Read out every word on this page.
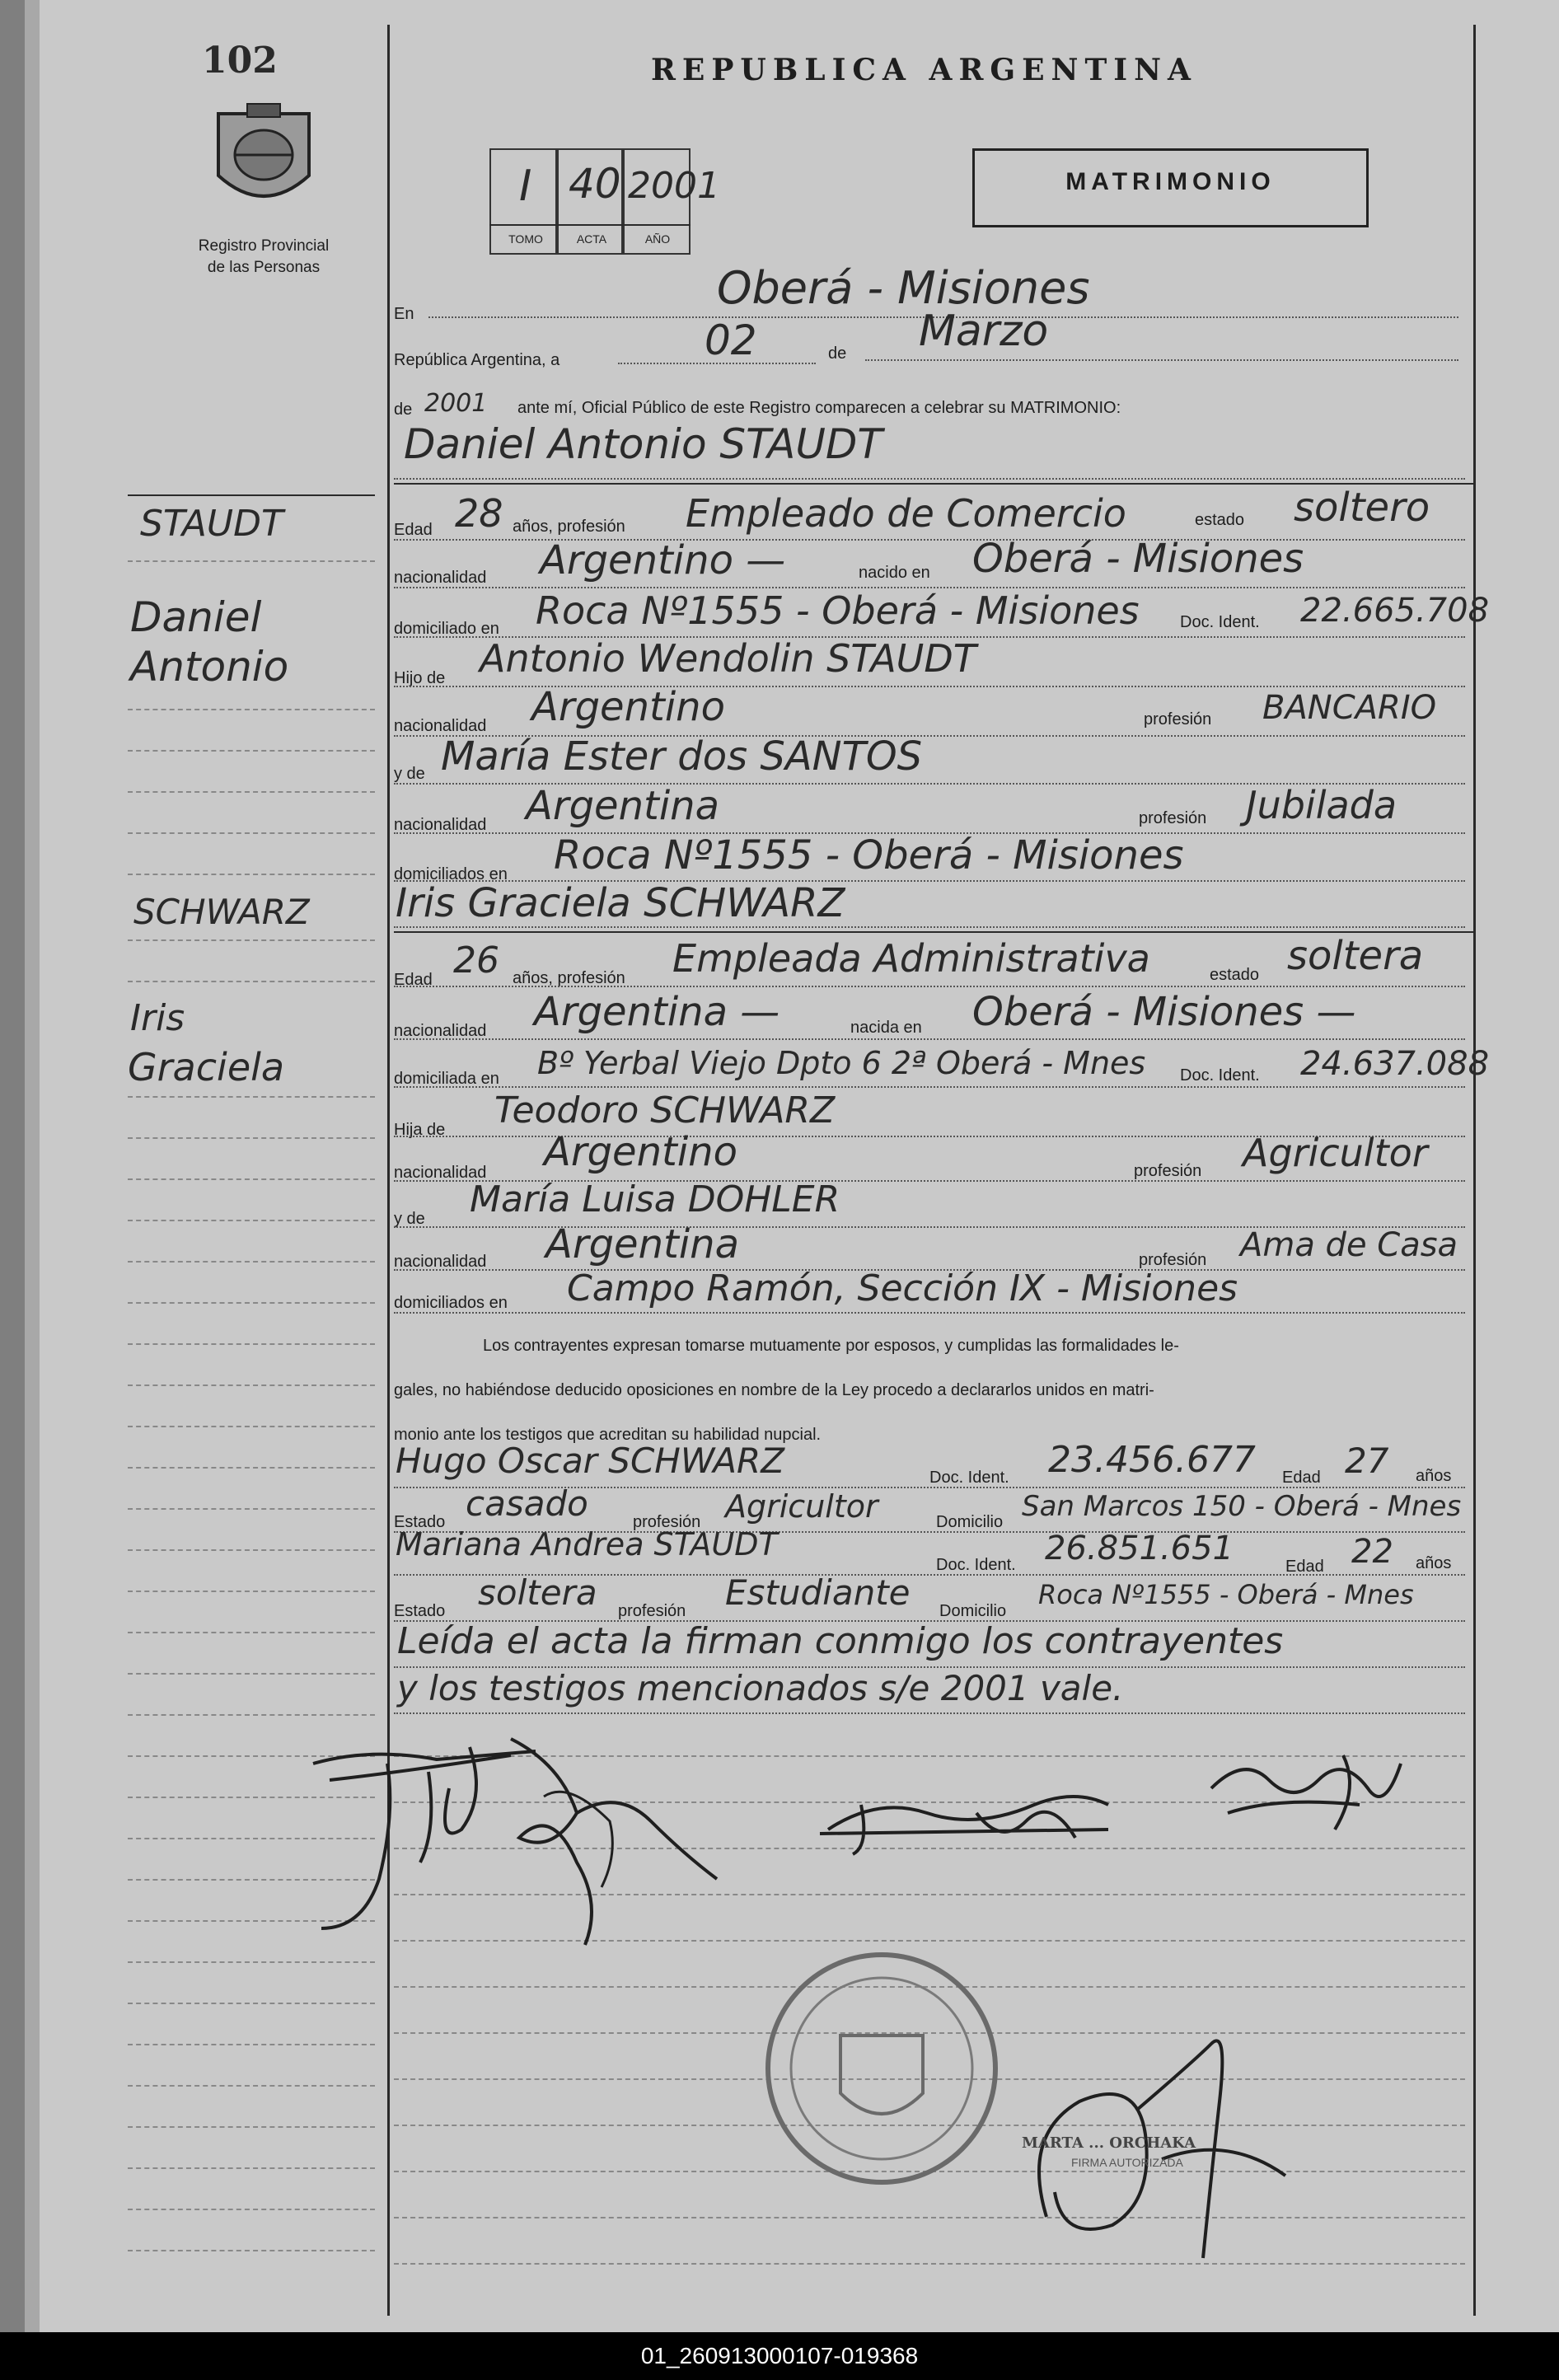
102
Registro Provincial
de las Personas
REPUBLICA ARGENTINA
I 40 2001
TOMO	ACTA	AÑO
MATRIMONIO
En	Oberá - Misiones
República Argentina, a	02	de Marzo
de 2001 ante mí, Oficial Público de este Registro comparecen a celebrar su MATRIMONIO:
Daniel Antonio STAUDT
STAUDT
Daniel
Antonio
Edad 28 años, profesión Empleado de Comercio	estado soltero
nacionalidad Argentino —	nacido en Oberá - Misiones
domiciliado en Roca Nº1555 - Oberá - Misiones Doc. Ident. 22.665.708
Hijo de Antonio Wendolin STAUDT
nacionalidad Argentino	profesión BANCARIO
y de María Ester dos SANTOS
nacionalidad Argentina	profesión Jubilada
domiciliados en Roca Nº1555 - Oberá - Misiones
Iris Graciela SCHWARZ
SCHWARZ
Iris
Graciela
Edad 26 años, profesión Empleada Administrativa	estado soltera
nacionalidad Argentina —	nacida en Oberá - Misiones —
domiciliada en Bº Yerbal Viejo Dpto 6 2ª Oberá - Mnes Doc. Ident. 24.637.088
Hija de Teodoro SCHWARZ
nacionalidad Argentino	profesión Agricultor
y de María Luisa DOHLER
nacionalidad Argentina	profesión Ama de Casa
domiciliados en Campo Ramón, Sección IX - Misiones
Los contrayentes expresan tomarse mutuamente por esposos, y cumplidas las formalidades le-
gales, no habiéndose deducido oposiciones en nombre de la Ley procedo a declararlos unidos en matri-
monio ante los testigos que acreditan su habilidad nupcial.
Hugo Oscar SCHWARZ	Doc. Ident. 23.456.677 Edad 27 años
Estado casado	profesión Agricultor	Domicilio San Marcos 150 - Oberá - Mnes
Mariana Andrea STAUDT
Doc. Ident. 26.851.651	Edad 22 años
Estado soltera profesión Estudiante Domicilio
Roca Nº1555 - Oberá - Mnes
Leída el acta la firman conmigo los contrayentes
y los testigos mencionados s/e 2001 vale.
MARTA ... ORCHAKA
FIRMA AUTORIZADA
01_260913000107-019368
